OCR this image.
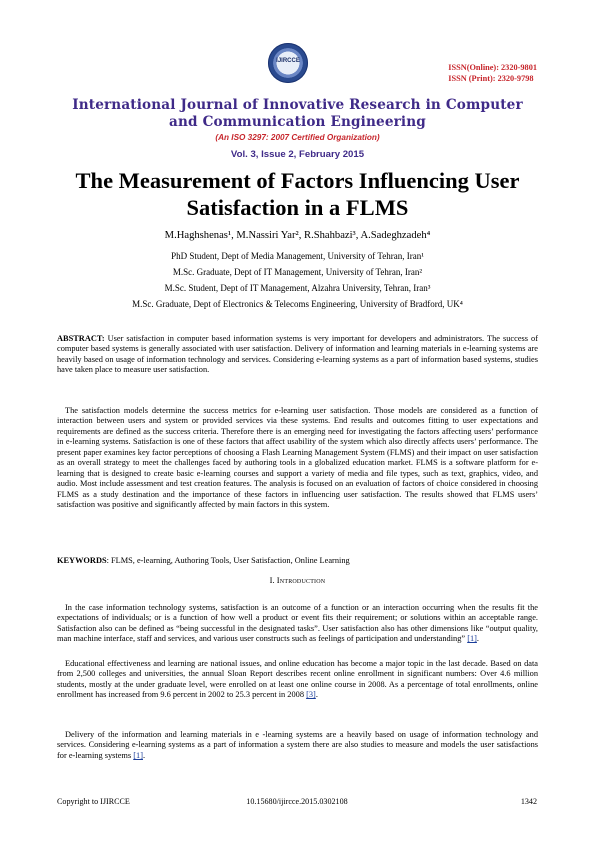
IJIRCCE
ISSN(Online): 2320-9801
ISSN (Print): 2320-9798
International Journal of Innovative Research in Computer
and Communication Engineering
(An ISO 3297: 2007 Certified Organization)
Vol. 3, Issue 2, February 2015
The Measurement of Factors Influencing User
Satisfaction in a FLMS
M.Haghshenas¹, M.Nassiri Yar², R.Shahbazi³, A.Sadeghzadeh⁴
PhD Student, Dept of Media Management, University of Tehran, Iran¹
M.Sc. Graduate, Dept of IT Management, University of Tehran, Iran²
M.Sc. Student, Dept of IT Management, Alzahra University, Tehran, Iran³
M.Sc. Graduate, Dept of Electronics & Telecoms Engineering, University of Bradford, UK⁴
ABSTRACT: User satisfaction in computer based information systems is very important for developers and administrators. The success of computer based systems is generally associated with user satisfaction. Delivery of information and learning materials in e-learning systems are heavily based on usage of information technology and services. Considering e-learning systems as a part of information based systems, studies have taken place to measure user satisfaction.
The satisfaction models determine the success metrics for e-learning user satisfaction. Those models are considered as a function of interaction between users and system or provided services via these systems. End results and outcomes fitting to user expectations and requirements are defined as the success criteria. Therefore there is an emerging need for investigating the factors affecting users’ performance in e-learning systems. Satisfaction is one of these factors that affect usability of the system which also directly affects users’ performance. The present paper examines key factor perceptions of choosing a Flash Learning Management System (FLMS) and their impact on user satisfaction as an overall strategy to meet the challenges faced by authoring tools in a globalized education market. FLMS is a software platform for e-learning that is designed to create basic e-learning courses and support a variety of media and file types, such as text, graphics, video, and audio. Most include assessment and test creation features. The analysis is focused on an evaluation of factors of choice considered in choosing FLMS as a study destination and the importance of these factors in influencing user satisfaction. The results showed that FLMS users’ satisfaction was positive and significantly affected by main factors in this system.
KEYWORDS: FLMS, e-learning, Authoring Tools, User Satisfaction, Online Learning
I. Introduction
In the case information technology systems, satisfaction is an outcome of a function or an interaction occurring when the results fit the expectations of individuals; or is a function of how well a product or event fits their requirement; or solutions within an acceptable range. Satisfaction also can be defined as “being successful in the designated tasks”. User satisfaction also has other dimensions like “output quality, man machine interface, staff and services, and various user constructs such as feelings of participation and understanding” [1].
Educational effectiveness and learning are national issues, and online education has become a major topic in the last decade. Based on data from 2,500 colleges and universities, the annual Sloan Report describes recent online enrollment in significant numbers: Over 4.6 million students, mostly at the under graduate level, were enrolled on at least one online course in 2008. As a percentage of total enrollments, online enrollment has increased from 9.6 percent in 2002 to 25.3 percent in 2008 [3].
Delivery of the information and learning materials in e -learning systems are a heavily based on usage of information technology and services. Considering e-learning systems as a part of information a system there are also studies to measure and models the user satisfactions for e-learning systems [1].
Copyright to IJIRCCE	10.15680/ijircce.2015.0302108	1342
